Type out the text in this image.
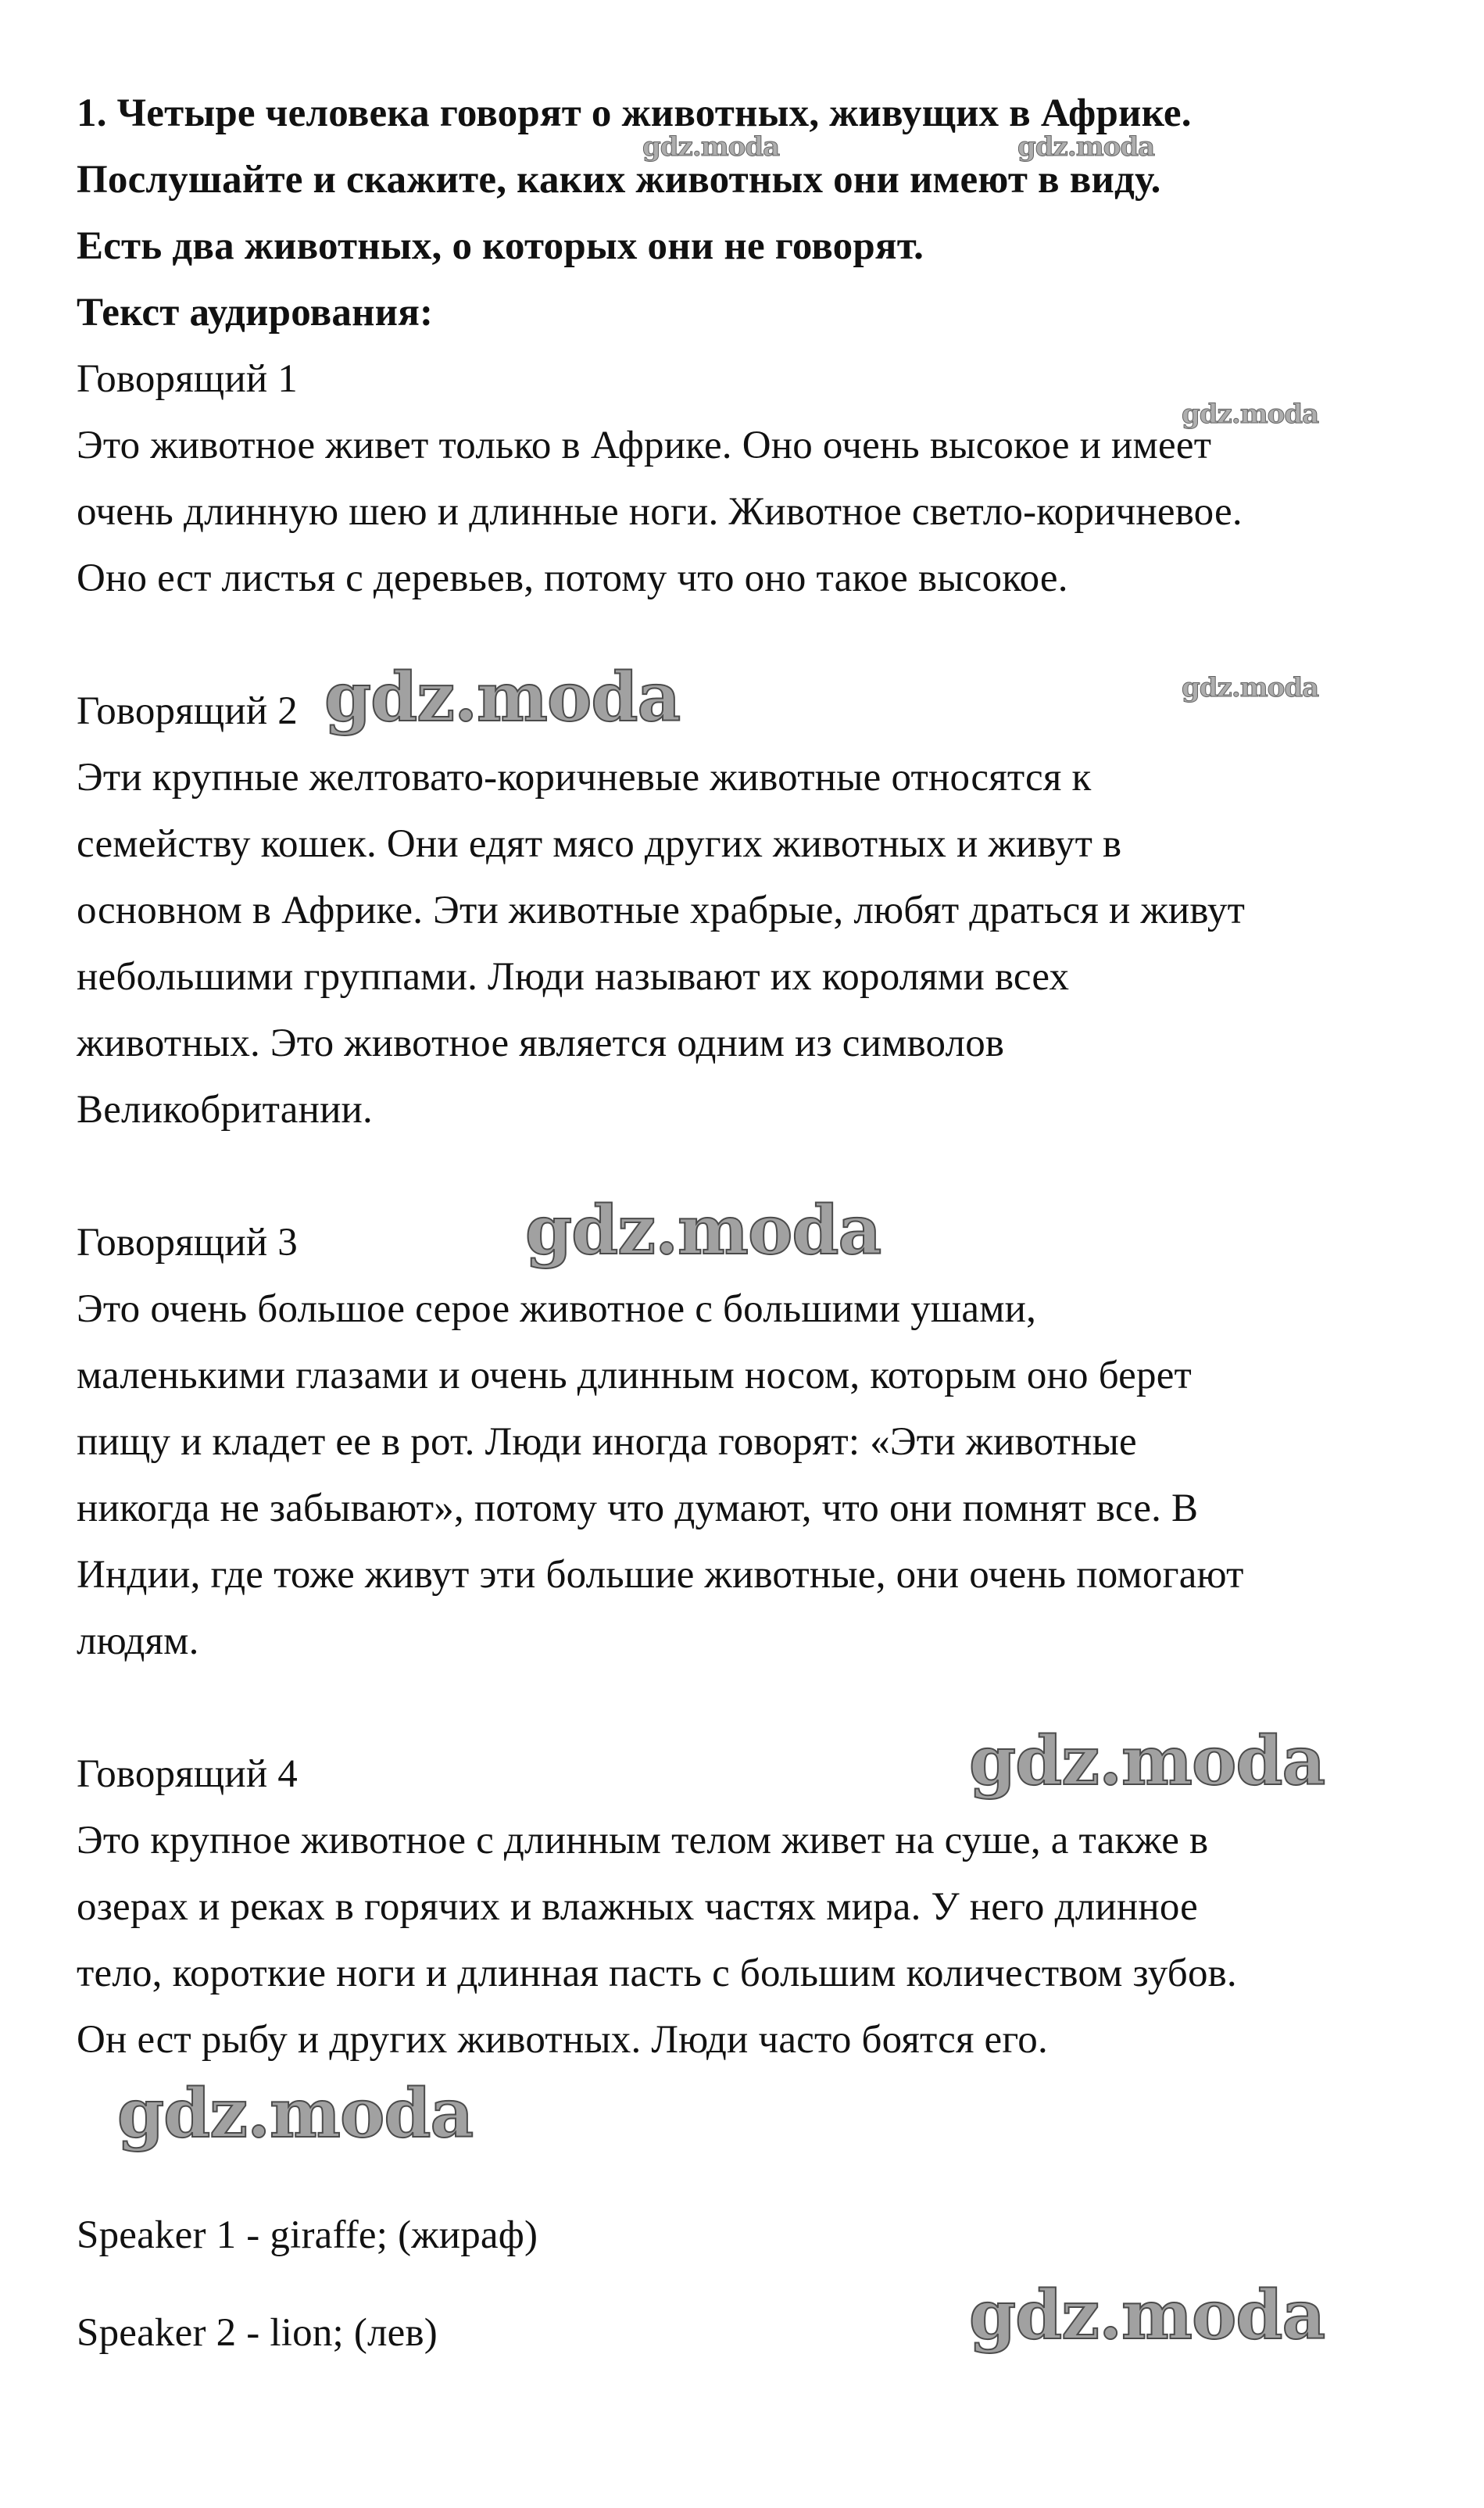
1. Четыре человека говорят о животных, живущих в Африке.
Послушайте и скажите, каких животных они имеют в виду.
Есть два животных, о которых они не говорят.
Текст аудирования:
Говорящий 1
Это животное живет только в Африке. Оно очень высокое и имеет
очень длинную шею и длинные ноги. Животное светло-коричневое.
Оно ест листья с деревьев, потому что оно такое высокое.
Говорящий 2
Эти крупные желтовато-коричневые животные относятся к
семейству кошек. Они едят мясо других животных и живут в
основном в Африке. Эти животные храбрые, любят драться и живут
небольшими группами. Люди называют их королями всех
животных. Это животное является одним из символов
Великобритании.
Говорящий 3
Это очень большое серое животное с большими ушами,
маленькими глазами и очень длинным носом, которым оно берет
пищу и кладет ее в рот. Люди иногда говорят: «Эти животные
никогда не забывают», потому что думают, что они помнят все. В
Индии, где тоже живут эти большие животные, они очень помогают
людям.
Говорящий 4
Это крупное животное с длинным телом живет на суше, а также в
озерах и реках в горячих и влажных частях мира. У него длинное
тело, короткие ноги и длинная пасть с большим количеством зубов.
Он ест рыбу и других животных. Люди часто боятся его.
Speaker 1 - giraffe; (жираф)
Speaker 2 - lion; (лев)
gdz.moda	gdz.moda
gdz.moda
gdz.moda
gdz.moda
gdz.moda
gdz.moda
gdz.moda
gdz.moda
